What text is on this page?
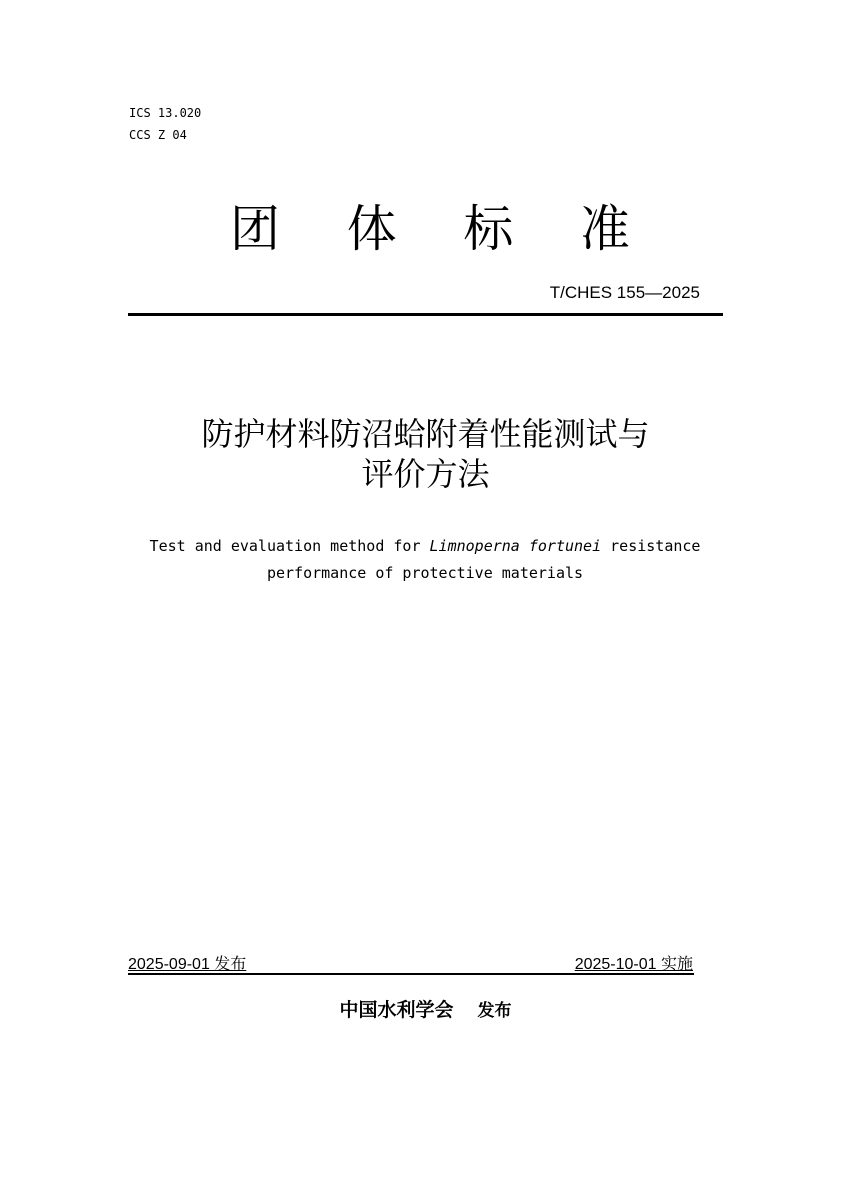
ICS 13.020
CCS Z 04
团 体 标 准
T/CHES 155—2025
防护材料防沼蛤附着性能测试与
评价方法
Test and evaluation method for Limnoperna fortunei resistance
performance of protective materials
2025-09-01 发布	2025-10-01 实施
中国水利学会 发布
